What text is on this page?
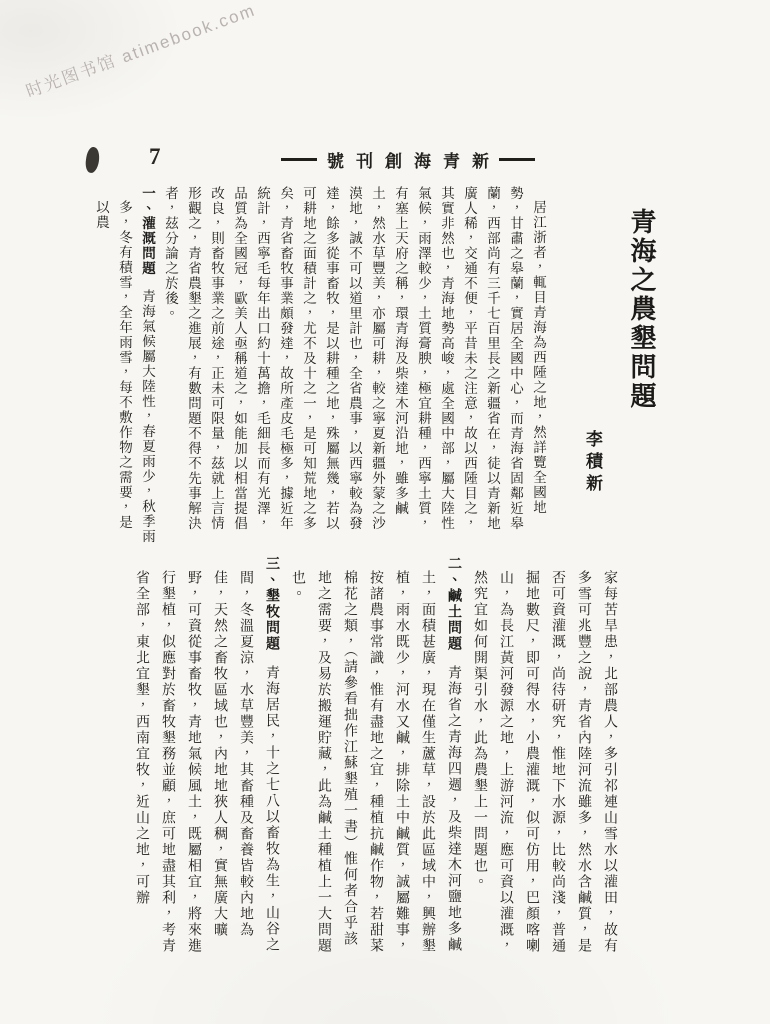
时光图书馆 atimebook.com
7	新
青
海
創
刊
號
青海之農墾問題
李積新

居江浙者，輒目青海為西陲之地，然詳覽全國地勢，甘肅之皋蘭，實居全國中心，而青海省固鄰近皋蘭，西部尚有三千七百里長之新疆省在，徒以青新地廣人稀，交通不便，平昔未之注意，故以西陲目之，其實非然也，青海地勢高峻，處全國中部，屬大陸性氣候，雨澤較少，土質膏腴，極宜耕種，西寧土質，有塞上天府之稱，環青海及柴達木河沿地，雖多鹹土，然水草豐美，亦屬可耕，較之寧夏新疆外蒙之沙漠地，誠不可以道里計也，全省農事，以西寧較為發達，餘多從事畜牧，是以耕種之地，殊屬無幾，若以可耕地之面積計之，尤不及十之一，是可知荒地之多矣，青省畜牧事業頗發達，故所產皮毛極多，據近年統計，西寧毛每年出口約十萬擔，毛細長而有光澤，品質為全國冠，歐美人亟稱道之，如能加以相當提倡改良，則畜牧事業之前途，正未可限量，茲就上言情形觀之，青省農墾之進展，有數問題不得不先事解決者，茲分論之於後。

一、灌溉問題青海氣候屬大陸性，春夏雨少，秋季雨多，冬有積雪，全年雨雪，每不敷作物之需要，是以農

家每苦旱患，北部農人，多引祁連山雪水以灌田，故有多雪可兆豐之說，青省內陸河流雖多，然水含鹹質，是否可資灌溉，尚待研究，惟地下水源，比較尚淺，普通掘地數尺，即可得水，小農灌溉，似可仿用，巴顏喀喇山，為長江黃河發源之地，上游河流，應可資以灌溉，然究宜如何開渠引水，此為農墾上一問題也。

二、鹹土問題青海省之青海四週，及柴達木河鹽地多鹹土，面積甚廣，現在僅生蘆草，設於此區域中，興辦墾植，雨水既少，河水又鹹，排除土中鹹質，誠屬難事，按諸農事常識，惟有盡地之宜，種植抗鹹作物，若甜菜棉花之類，（請參看拙作江蘇墾殖一書）惟何者合乎該地之需要，及易於搬運貯藏，此為鹹土種植上一大問題也。

三、墾牧問題青海居民，十之七八以畜牧為生，山谷之間，冬溫夏涼，水草豐美，其畜種及畜養皆較內地為佳，天然之畜牧區域也，內地地狹人稠，實無廣大曠野，可資從事畜牧，青地氣候風土，既屬相宜，將來進行墾植，似應對於畜牧墾務並顧，庶可地盡其利，考青省全部，東北宜墾，西南宜牧，近山之地，可辦
